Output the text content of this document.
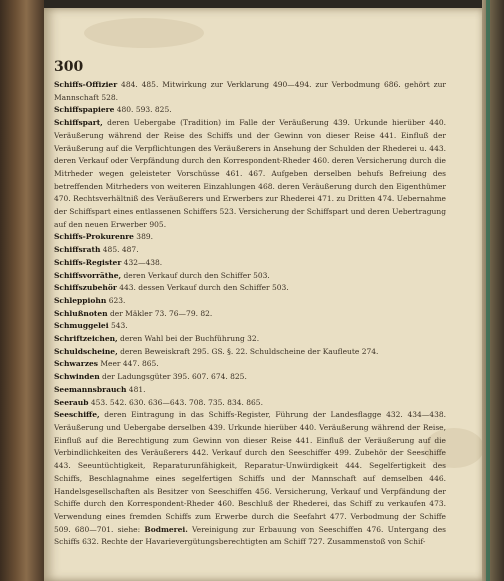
300

Schiffs-Offizier 484. 485. Mitwirkung zur Verklarung 490—494. zur Verbodmung 686. gehört zur Mannschaft 528.

Schiffspapiere 480. 593. 825.

Schiffspart, deren Uebergabe (Tradition) im Falle der Veräußerung 439. Urkunde hierüber 440. Veräußerung während der Reise des Schiffs und der Gewinn von dieser Reise 441. Einfluß der Veräußerung auf die Verpflichtungen des Veräußerers in Ansehung der Schulden der Rhederei u. 443. deren Verkauf oder Verpfändung durch den Korrespondent-Rheder 460. deren Versicherung durch die Mitrheder wegen geleisteter Vorschüsse 461. 467. Aufgeben derselben behufs Befreiung des betreffenden Mitrheders von weiteren Einzahlungen 468. deren Veräußerung durch den Eigenthümer 470. Rechtsverhältniß des Veräußerers und Erwerbers zur Rhederei 471. zu Dritten 474. Uebernahme der Schiffspart eines entlassenen Schiffers 523. Versicherung der Schiffspart und deren Uebertragung auf den neuen Erwerber 905.

Schiffs-Prokurenre 389.

Schiffsrath 485. 487.

Schiffs-Register 432—438.

Schiffsvorräthe, deren Verkauf durch den Schiffer 503.

Schiffszubehör 443. dessen Verkauf durch den Schiffer 503.

Schleppiohn 623.

Schlußnoten der Mäkler 73. 76—79. 82.

Schmuggelei 543.

Schriftzeichen, deren Wahl bei der Buchführung 32.

Schuldscheine, deren Beweiskraft 295. GS. §. 22. Schuldscheine der Kaufleute 274.

Schwarzes Meer 447. 865.

Schwinden der Ladungsgüter 395. 607. 674. 825.

Seemannsbrauch 481.

Seeraub 453. 542. 630. 636—643. 708. 735. 834. 865.

Seeschiffe, deren Eintragung in das Schiffs-Register, Führung der Landesflagge 432. 434—438. Veräußerung und Uebergabe derselben 439. Urkunde hierüber 440. Veräußerung während der Reise, Einfluß auf die Berechtigung zum Gewinn von dieser Reise 441. Einfluß der Veräußerung auf die Verbindlichkeiten des Veräußerers 442. Verkauf durch den Seeschiffer 499. Zubehör der Seeschiffe 443. Seeuntüchtigkeit, Reparaturunfähigkeit, Reparatur-Unwürdigkeit 444. Segelfertigkeit des Schiffs, Beschlagnahme eines segelfertigen Schiffs und der Mannschaft auf demselben 446. Handelsgesellschaften als Besitzer von Seeschiffen 456. Versicherung, Verkauf und Verpfändung der Schiffe durch den Korrespondent-Rheder 460. Beschluß der Rhederei, das Schiff zu verkaufen 473. Verwendung eines fremden Schiffs zum Erwerbe durch die Seefahrt 477. Verbodmung der Schiffe 509. 680—701. siehe: Bodmerei. Vereinigung zur Erbauung von Seeschiffen 476. Untergang des Schiffs 632. Rechte der Havarievergütungsberechtigten am Schiff 727. Zusammenstoß von Schif-
